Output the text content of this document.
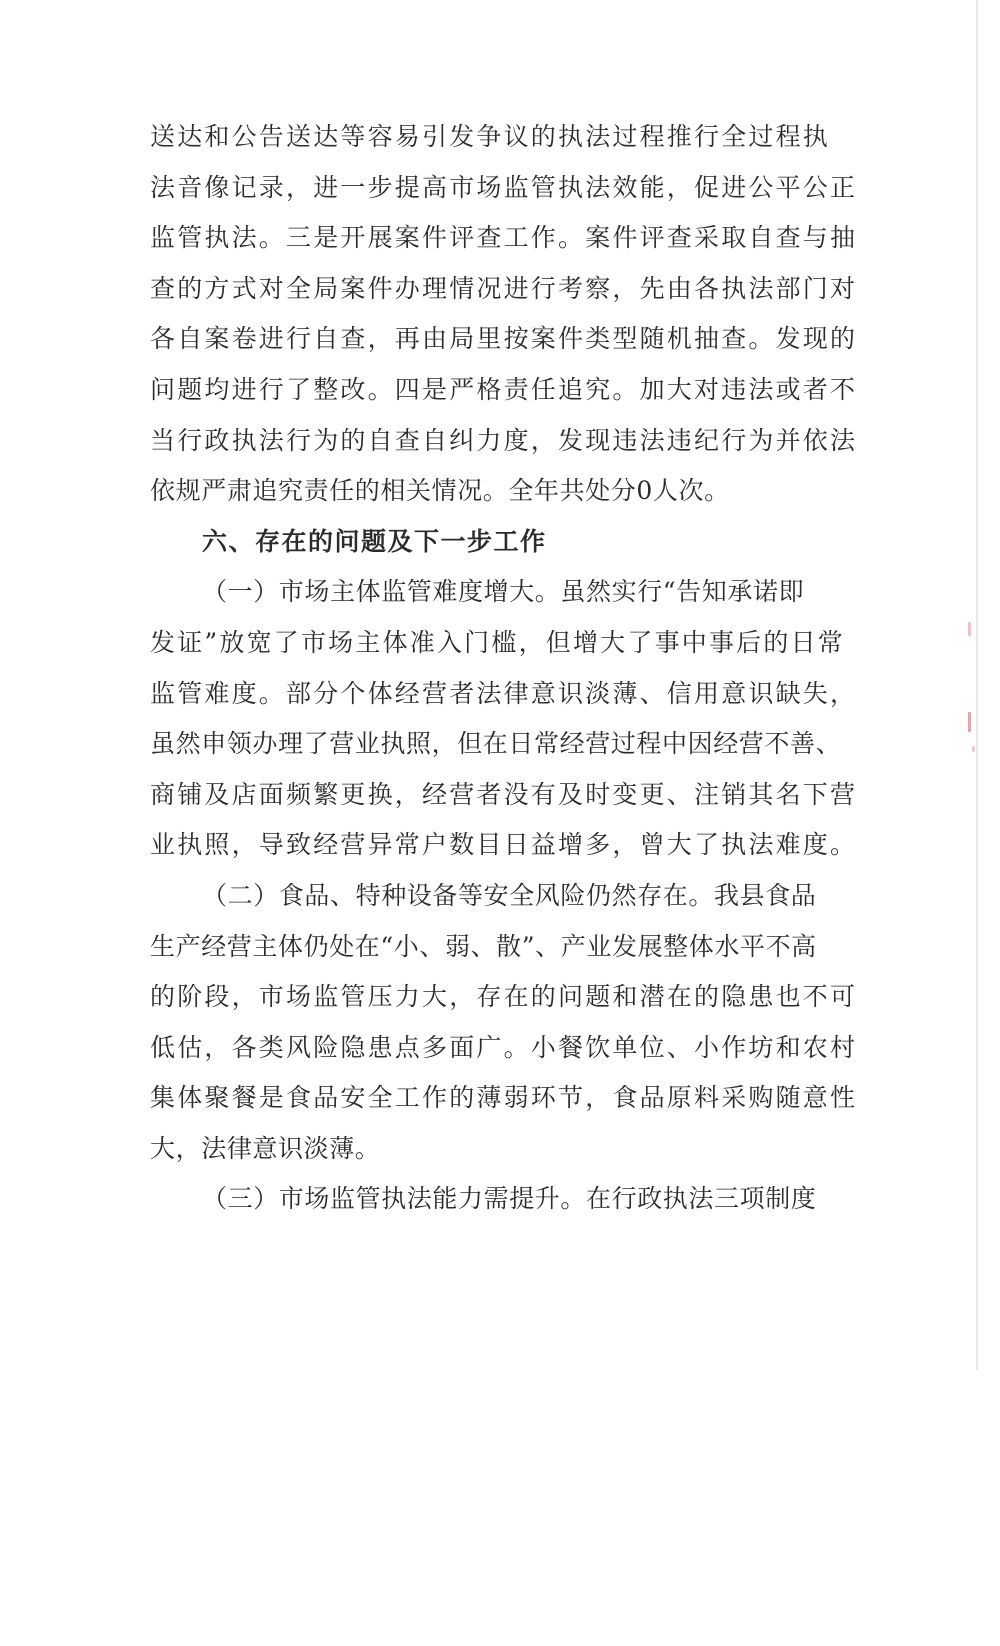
送达和公告送达等容易引发争议的执法过程推行全过程执
法音像记录，进一步提高市场监管执法效能，促进公平公正
监管执法。三是开展案件评查工作。案件评查采取自查与抽
查的方式对全局案件办理情况进行考察，先由各执法部门对
各自案卷进行自查，再由局里按案件类型随机抽查。发现的
问题均进行了整改。四是严格责任追究。加大对违法或者不
当行政执法行为的自查自纠力度，发现违法违纪行为并依法
依规严肃追究责任的相关情况。全年共处分0人次。
六、存在的问题及下一步工作
（一）市场主体监管难度增大。虽然实行“告知承诺即
发证”放宽了市场主体准入门槛，但增大了事中事后的日常
监管难度。部分个体经营者法律意识淡薄、信用意识缺失，
虽然申领办理了营业执照，但在日常经营过程中因经营不善、
商铺及店面频繁更换，经营者没有及时变更、注销其名下营
业执照，导致经营异常户数目日益增多，曾大了执法难度。
（二）食品、特种设备等安全风险仍然存在。我县食品
生产经营主体仍处在“小、弱、散”、产业发展整体水平不高
的阶段，市场监管压力大，存在的问题和潜在的隐患也不可
低估，各类风险隐患点多面广。小餐饮单位、小作坊和农村
集体聚餐是食品安全工作的薄弱环节，食品原料采购随意性
大，法律意识淡薄。
（三）市场监管执法能力需提升。在行政执法三项制度
